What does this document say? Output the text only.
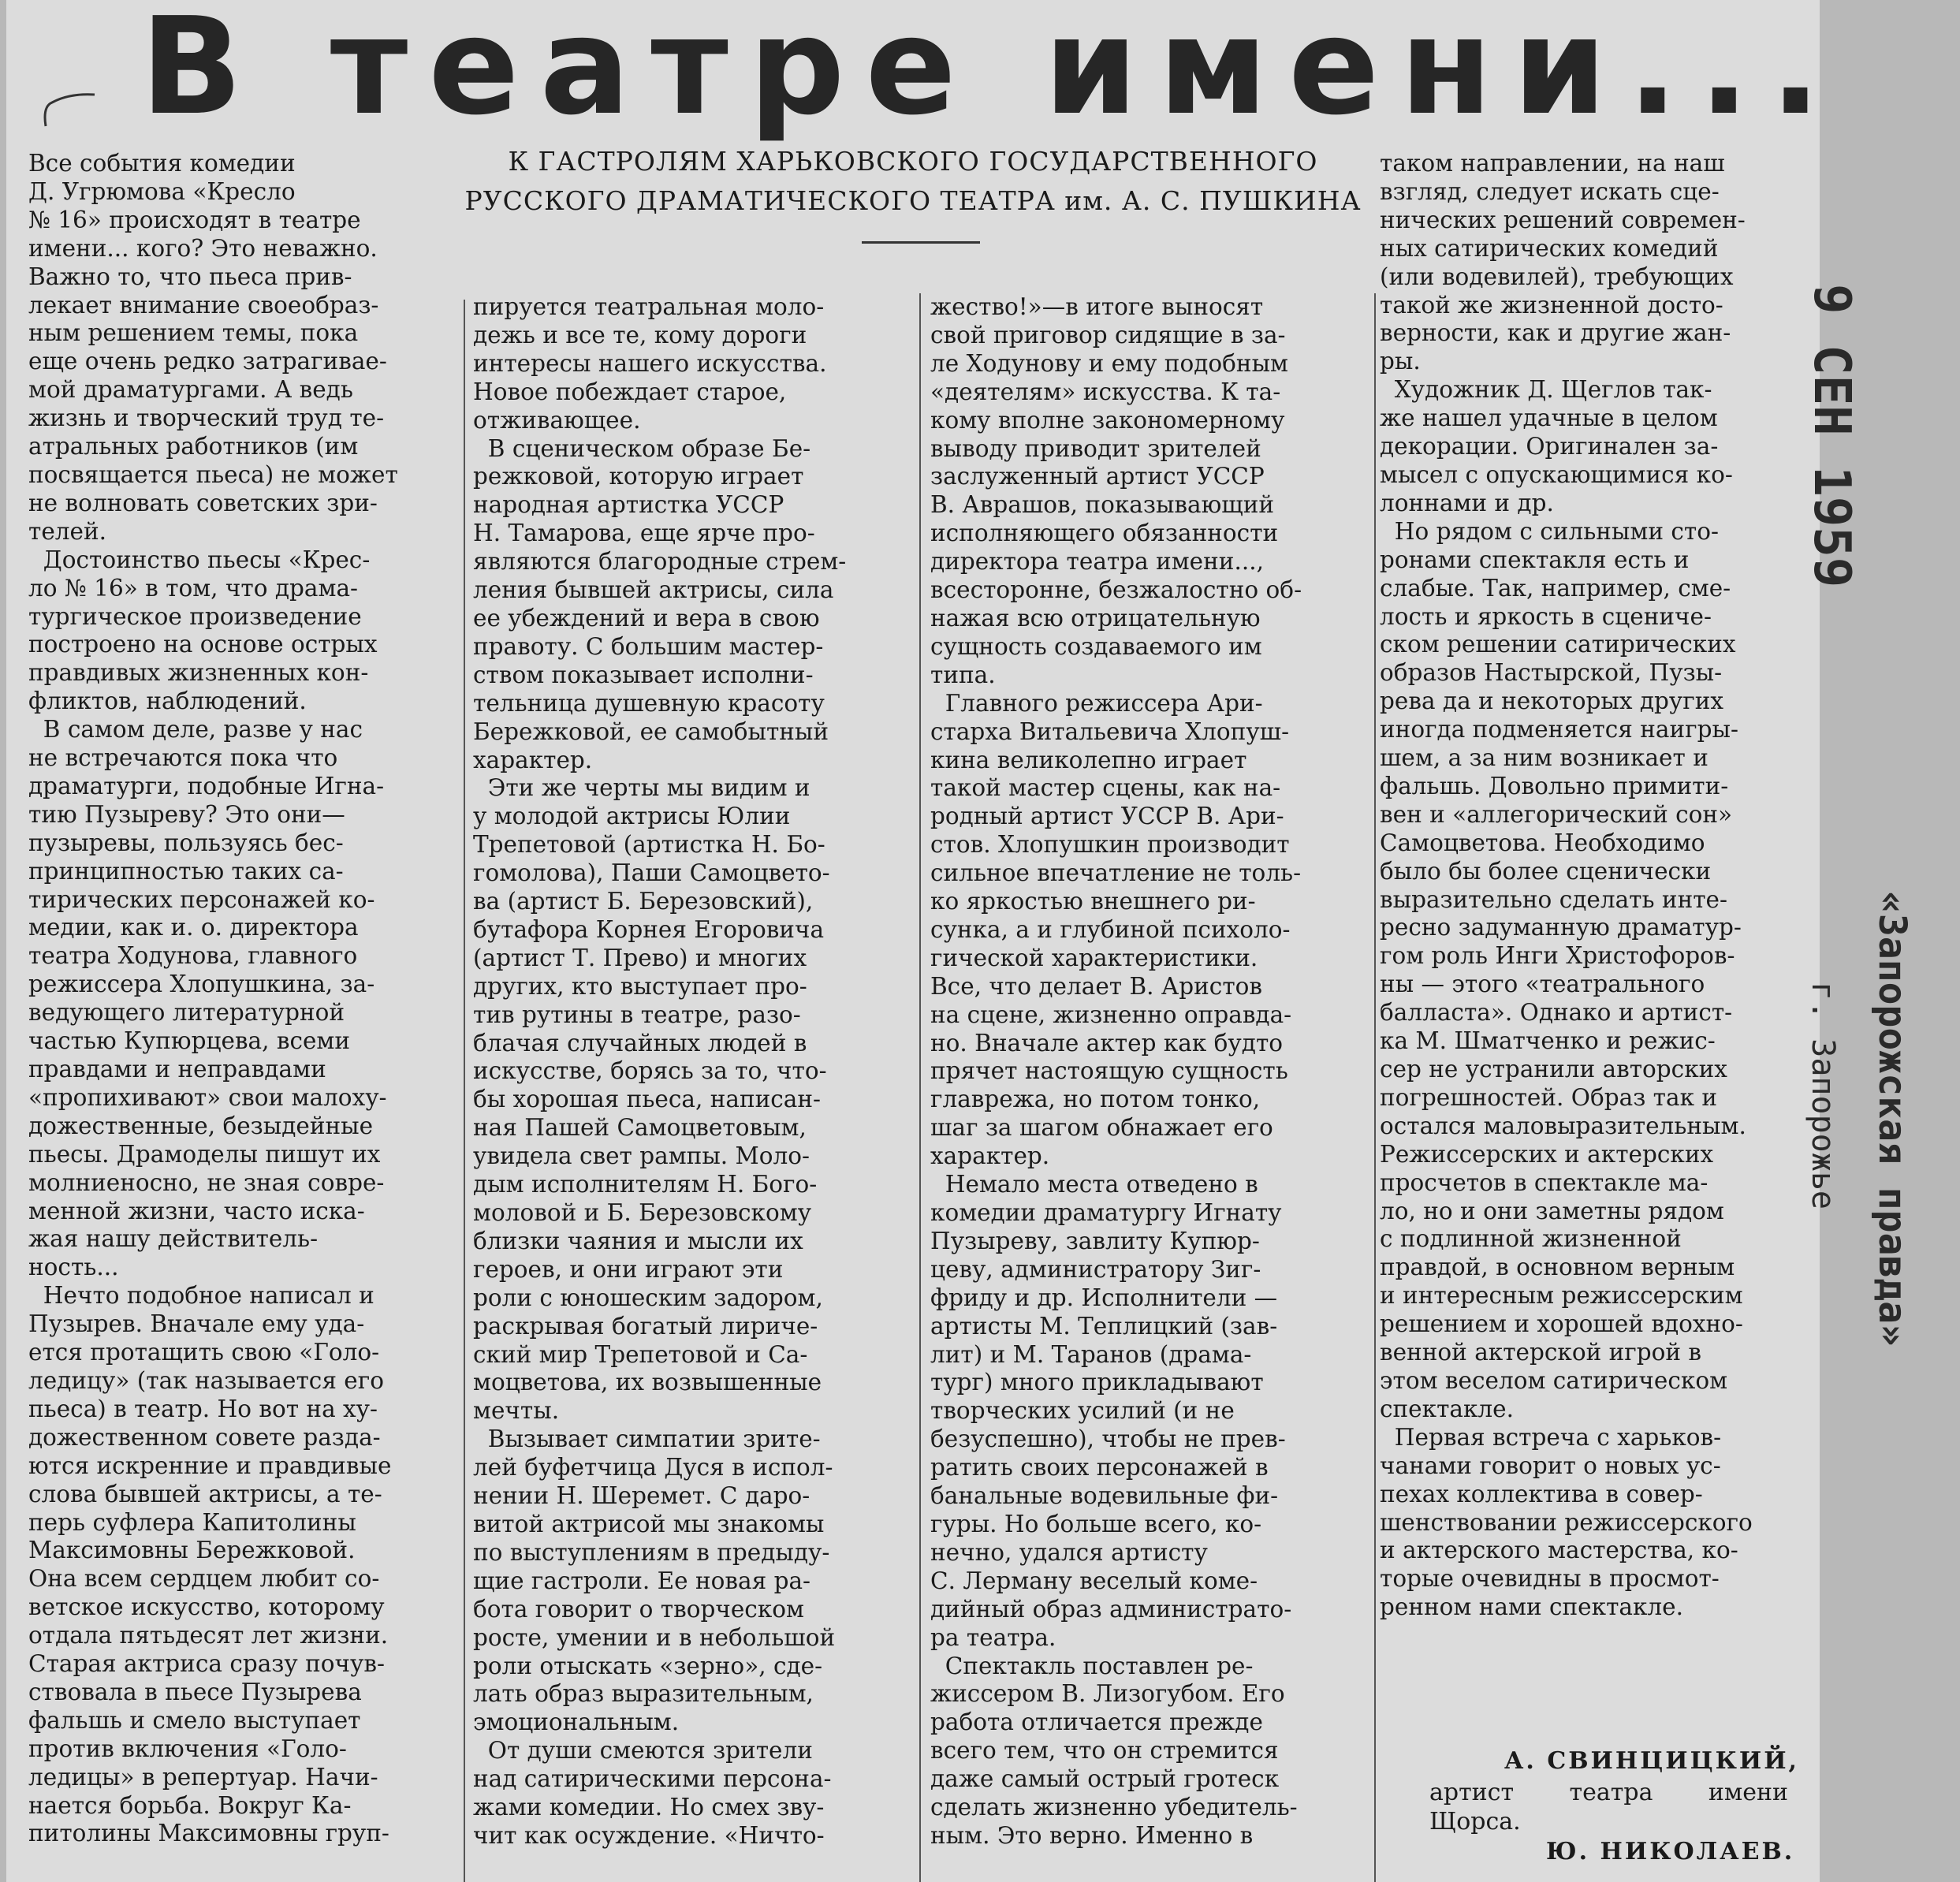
В театре имени...
К ГАСТРОЛЯМ ХАРЬКОВСКОГО ГОСУДАРСТВЕННОГО
РУССКОГО ДРАМАТИЧЕСКОГО ТЕАТРА им. А. С. ПУШКИНА

Все события комедии
Д. Угрюмова «Кресло
№ 16» происходят в театре
имени... кого? Это неважно.
Важно то, что пьеса прив-
лекает внимание своеобраз-
ным решением темы, пока
еще очень редко затрагивае-
мой драматургами. А ведь
жизнь и творческий труд те-
атральных работников (им
посвящается пьеса) не может
не волновать советских зри-
телей.
Достоинство пьесы «Крес-
ло № 16» в том, что драма-
тургическое произведение
построено на основе острых
правдивых жизненных кон-
фликтов, наблюдений.
В самом деле, разве у нас
не встречаются пока что
драматурги, подобные Игна-
тию Пузыреву? Это они—
пузыревы, пользуясь бес-
принципностью таких са-
тирических персонажей ко-
медии, как и. о. директора
театра Ходунова, главного
режиссера Хлопушкина, за-
ведующего литературной
частью Купюрцева, всеми
правдами и неправдами
«пропихивают» свои малоху-
дожественные, безыдейные
пьесы. Драмоделы пишут их
молниеносно, не зная совре-
менной жизни, часто иска-
жая нашу действитель-
ность...
Нечто подобное написал и
Пузырев. Вначале ему уда-
ется протащить свою «Голо-
ледицу» (так называется его
пьеса) в театр. Но вот на ху-
дожественном совете разда-
ются искренние и правдивые
слова бывшей актрисы, а те-
перь суфлера Капитолины
Максимовны Бережковой.
Она всем сердцем любит со-
ветское искусство, которому
отдала пятьдесят лет жизни.
Старая актриса сразу почув-
ствовала в пьесе Пузырева
фальшь и смело выступает
против включения «Голо-
ледицы» в репертуар. Начи-
нается борьба. Вокруг Ка-
питолины Максимовны груп-

пируется театральная моло-
дежь и все те, кому дороги
интересы нашего искусства.
Новое побеждает старое,
отживающее.
В сценическом образе Бе-
режковой, которую играет
народная артистка УССР
Н. Тамарова, еще ярче про-
являются благородные стрем-
ления бывшей актрисы, сила
ее убеждений и вера в свою
правоту. С большим мастер-
ством показывает исполни-
тельница душевную красоту
Бережковой, ее самобытный
характер.
Эти же черты мы видим и
у молодой актрисы Юлии
Трепетовой (артистка Н. Бо-
гомолова), Паши Самоцвето-
ва (артист Б. Березовский),
бутафора Корнея Егоровича
(артист Т. Прево) и многих
других, кто выступает про-
тив рутины в театре, разо-
блачая случайных людей в
искусстве, борясь за то, что-
бы хорошая пьеса, написан-
ная Пашей Самоцветовым,
увидела свет рампы. Моло-
дым исполнителям Н. Бого-
моловой и Б. Березовскому
близки чаяния и мысли их
героев, и они играют эти
роли с юношеским задором,
раскрывая богатый лириче-
ский мир Трепетовой и Са-
моцветова, их возвышенные
мечты.
Вызывает симпатии зрите-
лей буфетчица Дуся в испол-
нении Н. Шеремет. С даро-
витой актрисой мы знакомы
по выступлениям в предыду-
щие гастроли. Ее новая ра-
бота говорит о творческом
росте, умении и в небольшой
роли отыскать «зерно», сде-
лать образ выразительным,
эмоциональным.
От души смеются зрители
над сатирическими персона-
жами комедии. Но смех зву-
чит как осуждение. «Ничто-

жество!»—в итоге выносят
свой приговор сидящие в за-
ле Ходунову и ему подобным
«деятелям» искусства. К та-
кому вполне закономерному
выводу приводит зрителей
заслуженный артист УССР
В. Аврашов, показывающий
исполняющего обязанности
директора театра имени...,
всесторонне, безжалостно об-
нажая всю отрицательную
сущность создаваемого им
типа.
Главного режиссера Ари-
старха Витальевича Хлопуш-
кина великолепно играет
такой мастер сцены, как на-
родный артист УССР В. Ари-
стов. Хлопушкин производит
сильное впечатление не толь-
ко яркостью внешнего ри-
сунка, а и глубиной психоло-
гической характеристики.
Все, что делает В. Аристов
на сцене, жизненно оправда-
но. Вначале актер как будто
прячет настоящую сущность
главрежа, но потом тонко,
шаг за шагом обнажает его
характер.
Немало места отведено в
комедии драматургу Игнату
Пузыреву, завлиту Купюр-
цеву, администратору Зиг-
фриду и др. Исполнители —
артисты М. Теплицкий (зав-
лит) и М. Таранов (драма-
тург) много прикладывают
творческих усилий (и не
безуспешно), чтобы не прев-
ратить своих персонажей в
банальные водевильные фи-
гуры. Но больше всего, ко-
нечно, удался артисту
С. Лерману веселый коме-
дийный образ администрато-
ра театра.
Спектакль поставлен ре-
жиссером В. Лизогубом. Его
работа отличается прежде
всего тем, что он стремится
даже самый острый гротеск
сделать жизненно убедитель-
ным. Это верно. Именно в

таком направлении, на наш
взгляд, следует искать сце-
нических решений современ-
ных сатирических комедий
(или водевилей), требующих
такой же жизненной досто-
верности, как и другие жан-
ры.
Художник Д. Щеглов так-
же нашел удачные в целом
декорации. Оригинален за-
мысел с опускающимися ко-
лоннами и др.
Но рядом с сильными сто-
ронами спектакля есть и
слабые. Так, например, сме-
лость и яркость в сцениче-
ском решении сатирических
образов Настырской, Пузы-
рева да и некоторых других
иногда подменяется наигры-
шем, а за ним возникает и
фальшь. Довольно примити-
вен и «аллегорический сон»
Самоцветова. Необходимо
было бы более сценически
выразительно сделать инте-
ресно задуманную драматур-
гом роль Инги Христофоров-
ны — этого «театрального
балласта». Однако и артист-
ка М. Шматченко и режис-
сер не устранили авторских
погрешностей. Образ так и
остался маловыразительным.
Режиссерских и актерских
просчетов в спектакле ма-
ло, но и они заметны рядом
с подлинной жизненной
правдой, в основном верным
и интересным режиссерским
решением и хорошей вдохно-
венной актерской игрой в
этом веселом сатирическом
спектакле.
Первая встреча с харьков-
чанами говорит о новых ус-
пехах коллектива в совер-
шенствовании режиссерского
и актерского мастерства, ко-
торые очевидны в просмот-
ренном нами спектакле.

А. СВИНЦИЦКИЙ,

артист театра имени

Щорса.

Ю. НИКОЛАЕВ.

9 СЕН 1959
«Запорожская правда»
г. Запорожье
